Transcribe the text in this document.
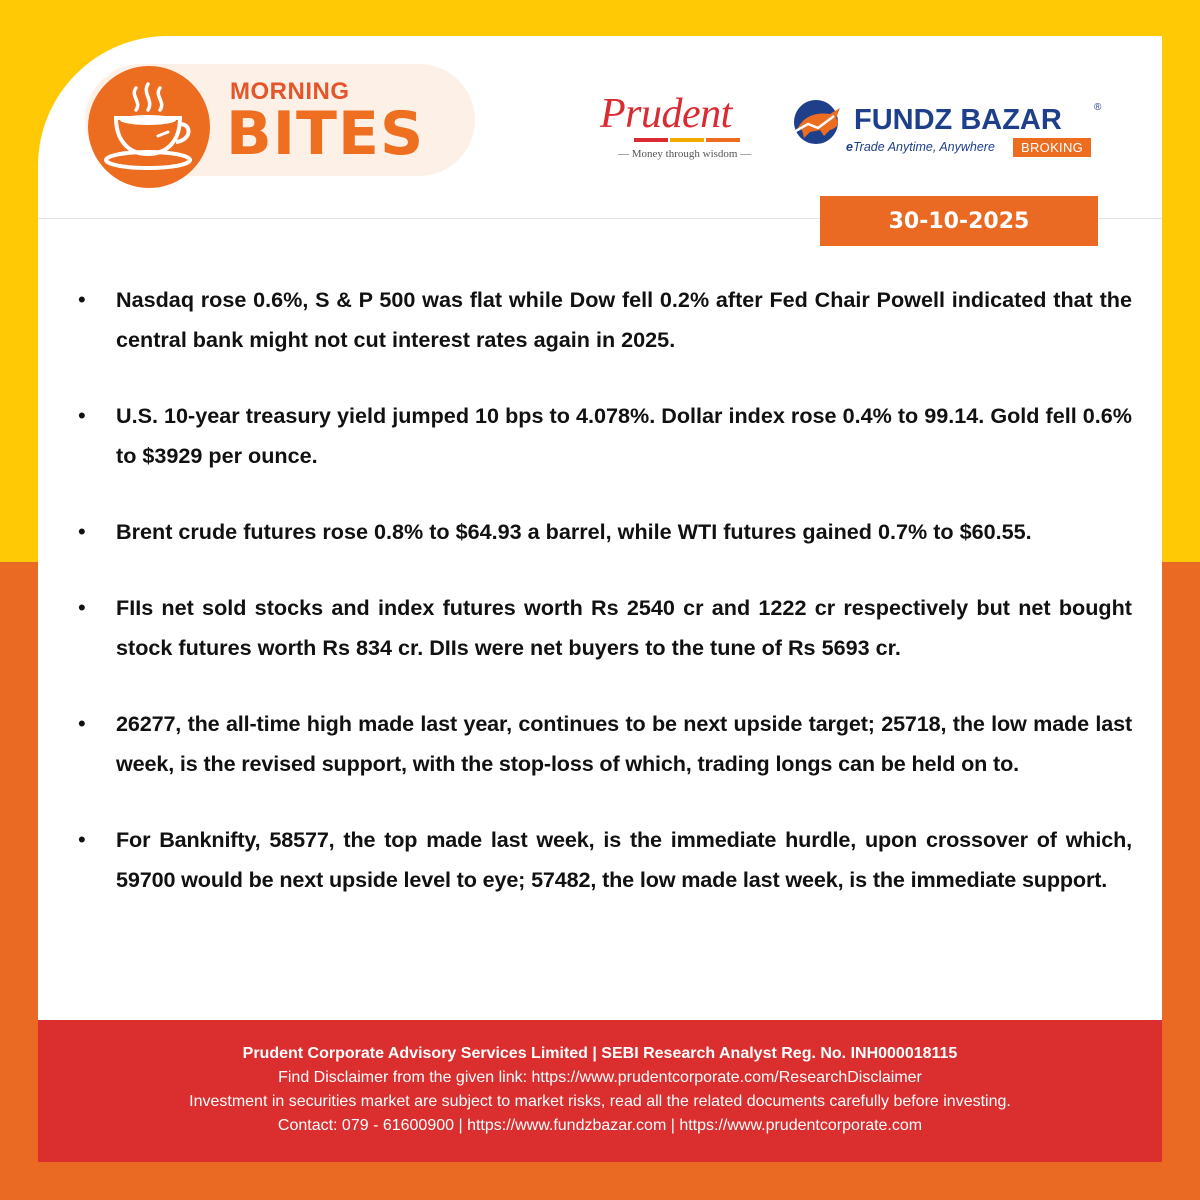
MORNING
BITES	Prudent
— Money through wisdom —
FUNDZ BAZAR	®
eTrade Anytime, Anywhere	BROKING
30-10-2025
• Nasdaq rose 0.6%, S & P 500 was flat while Dow fell 0.2% after Fed Chair Powell indicated that the central bank might not cut interest rates again in 2025.
• U.S. 10-year treasury yield jumped 10 bps to 4.078%. Dollar index rose 0.4% to 99.14. Gold fell 0.6% to $3929 per ounce.
• Brent crude futures rose 0.8% to $64.93 a barrel, while WTI futures gained 0.7% to $60.55.
• FIIs net sold stocks and index futures worth Rs 2540 cr and 1222 cr respectively but net bought stock futures worth Rs 834 cr. DIIs were net buyers to the tune of Rs 5693 cr.
• 26277, the all-time high made last year, continues to be next upside target; 25718, the low made last week, is the revised support, with the stop-loss of which, trading longs can be held on to.
• For Banknifty, 58577, the top made last week, is the immediate hurdle, upon crossover of which, 59700 would be next upside level to eye; 57482, the low made last week, is the immediate support.
Prudent Corporate Advisory Services Limited | SEBI Research Analyst Reg. No. INH000018115
Find Disclaimer from the given link: https://www.prudentcorporate.com/ResearchDisclaimer
Investment in securities market are subject to market risks, read all the related documents carefully before investing.
Contact: 079 - 61600900 | https://www.fundzbazar.com | https://www.prudentcorporate.com
